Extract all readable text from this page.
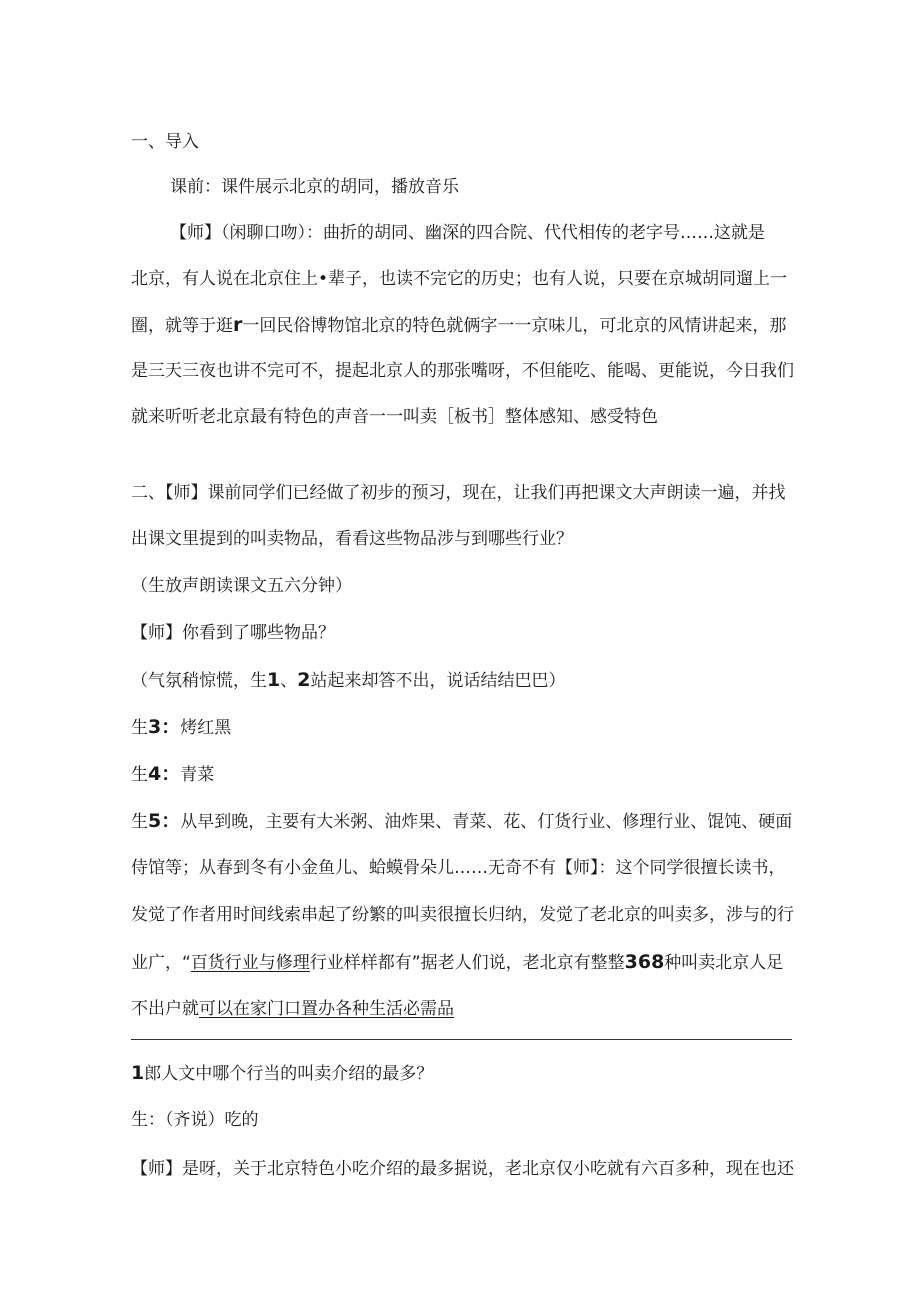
一、导入
课前：课件展示北京的胡同，播放音乐
【师】（闲聊口吻）：曲折的胡同、幽深的四合院、代代相传的老字号……这就是
北京，有人说在北京住上•辈子，也读不完它的历史；也有人说，只要在京城胡同遛上一
圈，就等于逛r一回民俗博物馆北京的特色就俩字一一京味儿，可北京的风情讲起来，那
是三天三夜也讲不完可不，提起北京人的那张嘴呀，不但能吃、能喝、更能说，今日我们
就来听听老北京最有特色的声音一一叫卖［板书］整体感知、感受特色
二、【师】课前同学们已经做了初步的预习，现在，让我们再把课文大声朗读一遍，并找
出课文里提到的叫卖物品，看看这些物品涉与到哪些行业？
（生放声朗读课文五六分钟）
【师】你看到了哪些物品？
（气氛稍惊慌，生1、2站起来却答不出，说话结结巴巴）
生3：烤红黑
生4：青菜
生5：从早到晚，主要有大米粥、油炸果、青菜、花、仃货行业、修理行业、馄饨、硬面
侍馆等；从春到冬有小金鱼儿、蛤蟆骨朵儿……无奇不有【师】：这个同学很擅长读书，
发觉了作者用时间线索串起了纷繁的叫卖很擅长归纳，发觉了老北京的叫卖多，涉与的行
业广，“百货行业与修理行业样样都有”据老人们说，老北京有整整368种叫卖北京人足
不出户就可以在家门口置办各种生活必需品
1郎人文中哪个行当的叫卖介绍的最多？
生：（齐说）吃的
【师】是呀，关于北京特色小吃介绍的最多据说，老北京仅小吃就有六百多种，现在也还
